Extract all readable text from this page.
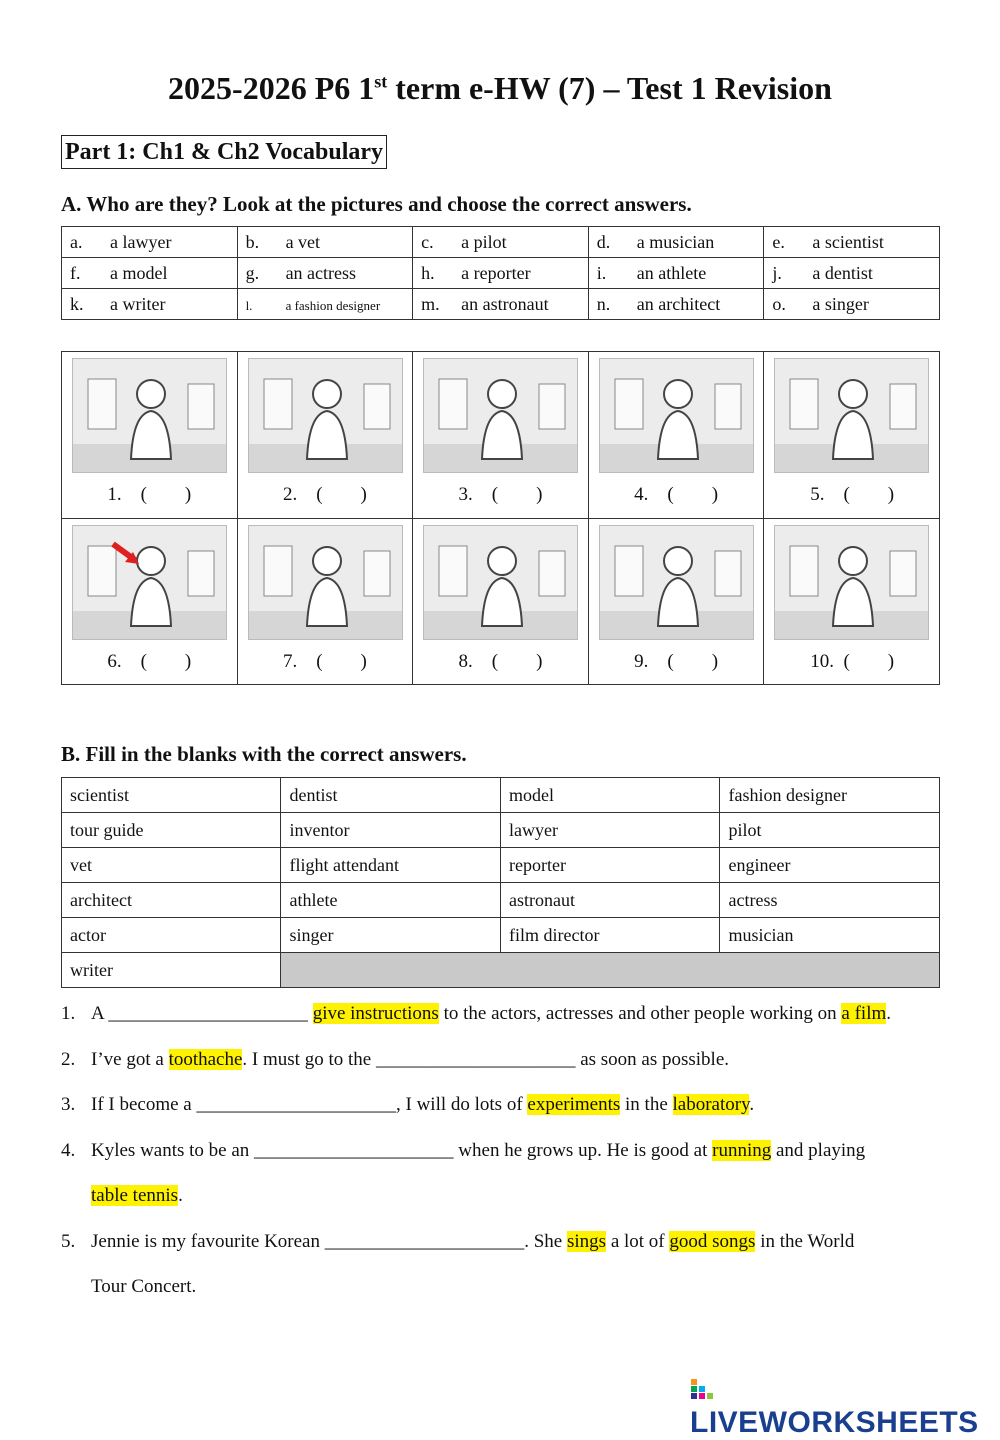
2025-2026 P6 1st term e-HW (7) – Test 1 Revision
Part 1: Ch1 & Ch2 Vocabulary
A. Who are they? Look at the pictures and choose the correct answers.
a. a lawyer	b. a vet	c. a pilot	d. a musician	e. a scientist
f. a model	g. an actress	h. a reporter	i. an athlete	j. a dentist
k. a writer	l. a fashion designer	m. an astronaut	n. an architect	o. a singer
1.    (        )	2.    (        )	3.    (        )	4.    (        )	5.    (        )
6.    (        )	7.    (        )	8.    (        )	9.    (        )	10.  (        )
B. Fill in the blanks with the correct answers.
scientist	dentist	model	fashion designer
tour guide	inventor	lawyer	pilot
vet	flight attendant	reporter	engineer
architect	athlete	astronaut	actress
actor	singer	film director	musician
writer			
1. A _____________________ give instructions to the actors, actresses and other people working on a film.
2. I’ve got a toothache. I must go to the _____________________ as soon as possible.
3. If I become a _____________________, I will do lots of experiments in the laboratory.
4. Kyles wants to be an _____________________ when he grows up. He is good at running and playing
table tennis.
5. Jennie is my favourite Korean _____________________. She sings a lot of good songs in the World
Tour Concert.
LIVEWORKSHEETS
